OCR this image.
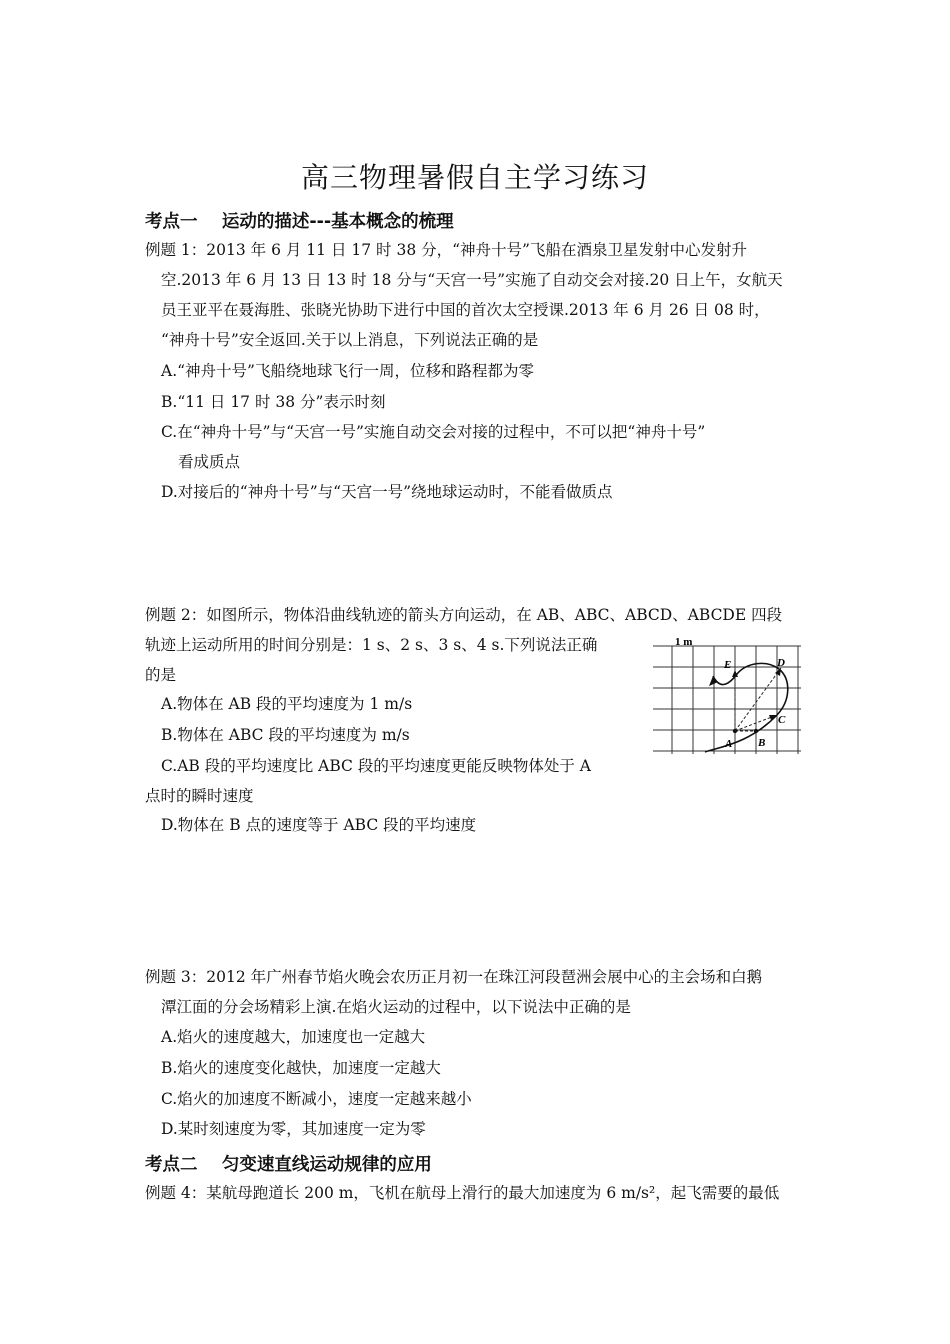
高三物理暑假自主学习练习
考点一    运动的描述---基本概念的梳理
例题 1：2013 年 6 月 11 日 17 时 38 分，“神舟十号”飞船在酒泉卫星发射中心发射升
空.2013 年 6 月 13 日 13 时 18 分与“天宫一号”实施了自动交会对接.20 日上午，女航天
员王亚平在聂海胜、张晓光协助下进行中国的首次太空授课.2013 年 6 月 26 日 08 时，
“神舟十号”安全返回.关于以上消息，下列说法正确的是
A.“神舟十号”飞船绕地球飞行一周，位移和路程都为零
B.“11 日 17 时 38 分”表示时刻
C.在“神舟十号”与“天宫一号”实施自动交会对接的过程中，不可以把“神舟十号”
看成质点
D.对接后的“神舟十号”与“天宫一号”绕地球运动时，不能看做质点
例题 2：如图所示，物体沿曲线轨迹的箭头方向运动，在 AB、ABC、ABCD、ABCDE 四段
轨迹上运动所用的时间分别是：1 s、2 s、3 s、4 s.下列说法正确
的是
A.物体在 AB 段的平均速度为 1 m/s
B.物体在 ABC 段的平均速度为 m/s
C.AB 段的平均速度比 ABC 段的平均速度更能反映物体处于 A
点时的瞬时速度
D.物体在 B 点的速度等于 ABC 段的平均速度
1 m
A B
C
D
E
例题 3：2012 年广州春节焰火晚会农历正月初一在珠江河段琶洲会展中心的主会场和白鹅
潭江面的分会场精彩上演.在焰火运动的过程中，以下说法中正确的是
A.焰火的速度越大，加速度也一定越大
B.焰火的速度变化越快，加速度一定越大
C.焰火的加速度不断减小，速度一定越来越小
D.某时刻速度为零，其加速度一定为零
考点二    匀变速直线运动规律的应用
例题 4：某航母跑道长 200 m，飞机在航母上滑行的最大加速度为 6 m/s²，起飞需要的最低
